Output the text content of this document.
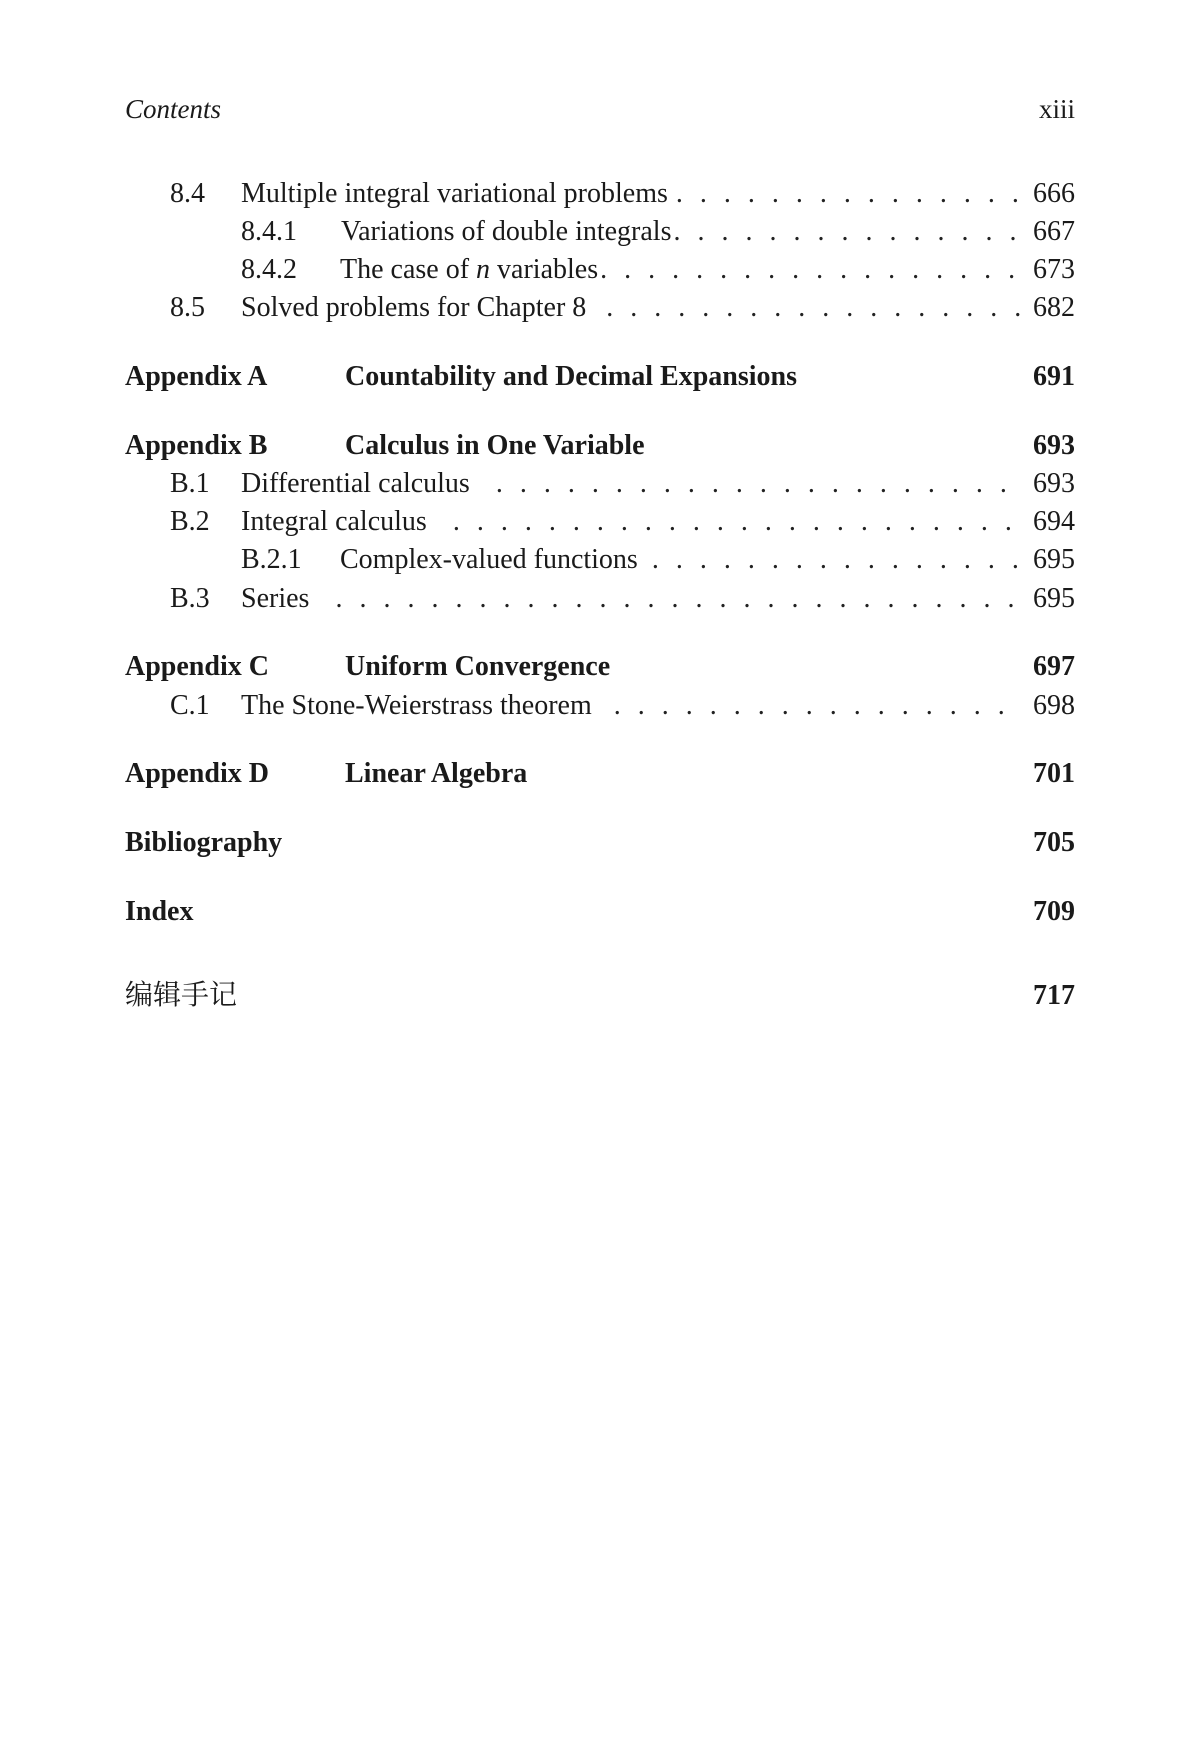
Contents	xiii
8.4	Multiple integral variational problems . . .	666
8.4.1	Variations of double integrals . . .	667
8.4.2	The case of n variables . . .	673
8.5	Solved problems for Chapter 8 . . .	682
Appendix A	Countability and Decimal Expansions	691
Appendix B	Calculus in One Variable	693
B.1	Differential calculus . . .	693
B.2	Integral calculus . . .	694
B.2.1	Complex-valued functions . . .	695
B.3	Series . . .	695
Appendix C	Uniform Convergence	697
C.1	The Stone-Weierstrass theorem . . .	698
Appendix D	Linear Algebra	701
Bibliography	705
Index	709
编辑手记	717
